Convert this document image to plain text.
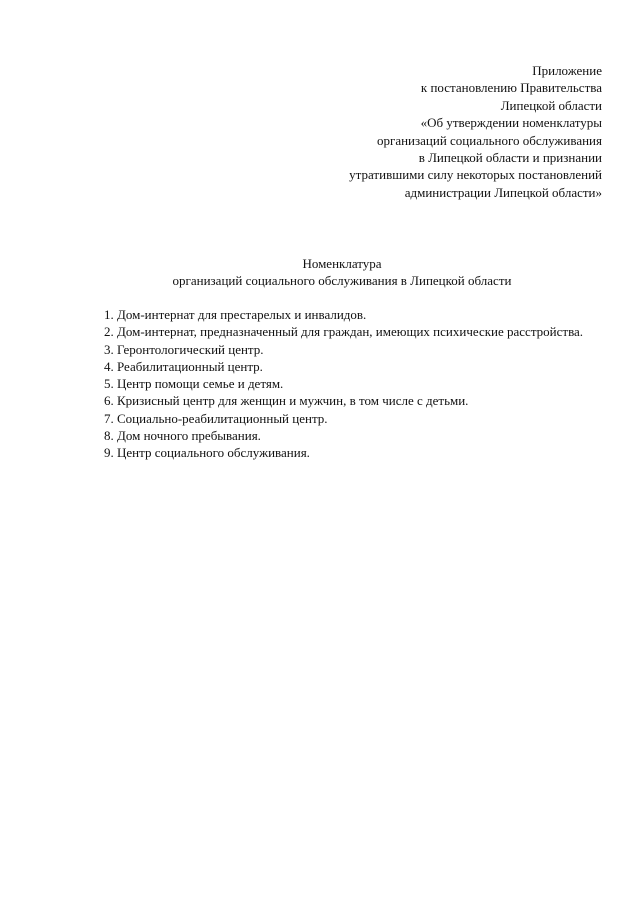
Приложение
к постановлению Правительства
Липецкой области
«Об утверждении номенклатуры
организаций социального обслуживания
в Липецкой области и признании
утратившими силу некоторых постановлений
администрации Липецкой области»
Номенклатура
организаций социального обслуживания в Липецкой области
1. Дом-интернат для престарелых и инвалидов.
2. Дом-интернат, предназначенный для граждан, имеющих психические расстройства.
3. Геронтологический центр.
4. Реабилитационный центр.
5. Центр помощи семье и детям.
6. Кризисный центр для женщин и мужчин, в том числе с детьми.
7. Социально-реабилитационный центр.
8. Дом ночного пребывания.
9. Центр социального обслуживания.
